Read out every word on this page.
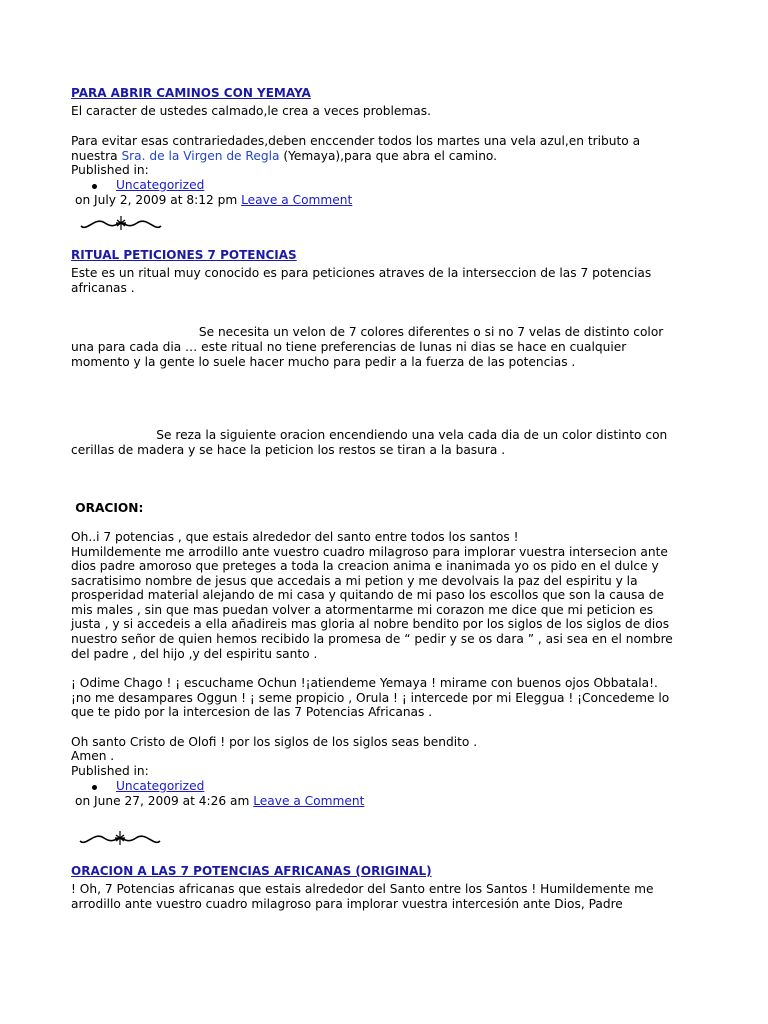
PARA ABRIR CAMINOS CON YEMAYA
El caracter de ustedes calmado,le crea a veces problemas.
Para evitar esas contrariedades,deben enccender todos los martes una vela azul,en tributo a
nuestra Sra. de la Virgen de Regla (Yemaya),para que abra el camino.
Published in:
Uncategorized
on July 2, 2009 at 8:12 pm Leave a Comment
RITUAL PETICIONES 7 POTENCIAS
Este es un ritual muy conocido es para peticiones atraves de la interseccion de las 7 potencias
africanas .
Se necesita un velon de 7 colores diferentes o si no 7 velas de distinto color
una para cada dia … este ritual no tiene preferencias de lunas ni dias se hace en cualquier
momento y la gente lo suele hacer mucho para pedir a la fuerza de las potencias .
Se reza la siguiente oracion encendiendo una vela cada dia de un color distinto con
cerillas de madera y se hace la peticion los restos se tiran a la basura .
ORACION:
Oh..i 7 potencias , que estais alrededor del santo entre todos los santos !
Humildemente me arrodillo ante vuestro cuadro milagroso para implorar vuestra intersecion ante
dios padre amoroso que preteges a toda la creacion anima e inanimada yo os pido en el dulce y
sacratisimo nombre de jesus que accedais a mi petion y me devolvais la paz del espiritu y la
prosperidad material alejando de mi casa y quitando de mi paso los escollos que son la causa de
mis males , sin que mas puedan volver a atormentarme mi corazon me dice que mi peticion es
justa , y si accedeis a ella añadireis mas gloria al nobre bendito por los siglos de los siglos de dios
nuestro señor de quien hemos recibido la promesa de “ pedir y se os dara ” , asi sea en el nombre
del padre , del hijo ,y del espiritu santo .
¡ Odime Chago ! ¡ escuchame Ochun !¡atiendeme Yemaya ! mirame con buenos ojos Obbatala!.
¡no me desampares Oggun ! ¡ seme propicio , Orula ! ¡ intercede por mi Eleggua ! ¡Concedeme lo
que te pido por la intercesion de las 7 Potencias Africanas .
Oh santo Cristo de Olofi ! por los siglos de los siglos seas bendito .
Amen .
Published in:
Uncategorized
on June 27, 2009 at 4:26 am Leave a Comment
ORACION A LAS 7 POTENCIAS AFRICANAS (ORIGINAL)
! Oh, 7 Potencias africanas que estais alrededor del Santo entre los Santos ! Humildemente me
arrodillo ante vuestro cuadro milagroso para implorar vuestra intercesión ante Dios, Padre
